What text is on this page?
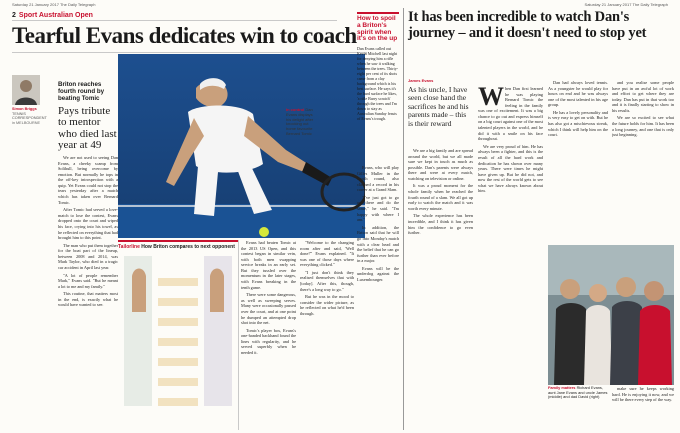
Saturday 21 January 2017 The Daily Telegraph	Saturday 21 January 2017 The Daily Telegraph
2 Sport Australian Open
Tearful Evans dedicates win to coach
Simon Briggs
TENNIS CORRESPONDENT
in MELBOURNE
Briton reaches fourth round by beating Tomic
Pays tribute to mentor who died last year at 49

We are not used to seeing Dan Evans, a cheeky scamp from Solihull, being overcome by emotion. But normally he tops in the off-key introspection with a quip. Yet Evans could not stop the tears yesterday after a match which has taken over Bernard Tomic.

After Tomic had served a love-match to lose the contest, Evans dropped onto the court and wiped his face, crying into his towel, as he reflected on everything that had brought him to this point.

The man who put them together for the boat part of the lineup, between 2008 and 2014, was Mark Taylor, who died in a tragic car accident in April last year.

"A lot of people remember Mark," Evans said. "But he meant a lot to me and my family."

This routine, that matters most in the end, is exactly what he would have wanted to see.

In control Dan Evans displays his delight after knocking out home favourite Bernard Tomic
Tailorline How Briton compares to next opponent

Evans had beaten Tomic at the 2013 US Open, and this contest began in similar vein, with both men swapping service breaks in an early set. But they tussled over the momentum in the later stages, with Evans breaking in the tenth game.

There were some dangerous, as well as sweeping serves. Many were occasionally passed over the court, and at one point he dumped an attempted drop shot into the net.

Tomic's player box, Evans's one-handed backhand found the lines with regularity, and he served superbly when he needed it.

"Welcome to the changing room after and said, 'Well done!'" Evans explained. "It was one of those days where everything clicked."

"I just don't think they realised themselves that with [today]. After this, though, there's a long way to go."

But he was in the mood to consider the wider picture, as he reflected on what he'd been through.

How to spoil a Briton's spirit when it's on the up
Dan Evans called out Kevin Mitchell last night for denying him a rifle when he saw it walking between the trees. Thirty-eight per cent of its shots came from a clay background which is his best surface. He says it's the hard surface he likes, 'a rifle Barry scratch' through the trees and I'm down to stay as Australian Sunday feasts of Evans's trough.

Evans, who will play Gilles Muller in the fourth round, also claimed a record in his career at a Grand Slam.

"I've just got to go out there and do the same," he said. "I'm happy with where I am."

In addition, the Briton said that he will go into Monday's match with a clear head and the belief that he can go further than ever before in a major.

Evans will be the underdog against the Luxembourger.

It has been incredible to watch Dan's journey – and it doesn't need to stop yet
James Evans
As his uncle, I have seen close hand the sacrifices he and his parents made – this is their reward
W hen Dan first learned he was playing Bernard Tomic the feeling in the family was one of excitement. It was a big chance to go out and express himself on a big court against one of the most talented players in the world, and he did it with a smile on his face throughout.

We are very proud of him. He has always been a fighter, and this is the result of all the hard work and dedication he has shown over many years. There were times he might have given up. But he did not, and now the rest of the world gets to see what we have always known about him.

We are a big family and are spread around the world, but we all made sure we kept in touch as much as possible. Dan's parents were always there and were at every match, watching on television or online.

It was a proud moment for the whole family when he reached the fourth round of a slam. We all got up early to watch the match and it was worth every minute.

The whole experience has been incredible, and I think it has given him the confidence to go even further.

Dan had always loved tennis. As a youngster he would play for hours on end and he was always one of the most talented in his age group.

He has a lovely personality and is very easy to get on with. But he has also got a mischievous streak, which I think will help him on the court.

and you realise some people have put in an awful lot of work and effort to get where they are today. Dan has put in that work too and it is finally starting to show in his results.

We are so excited to see what the future holds for him. It has been a long journey, and one that is only just beginning.

Family matters Richard Evans, aunt Jane Evans and uncle James (middle) and dad David (right)

make sure he keeps working hard. He is enjoying it now, and we will be there every step of the way.
